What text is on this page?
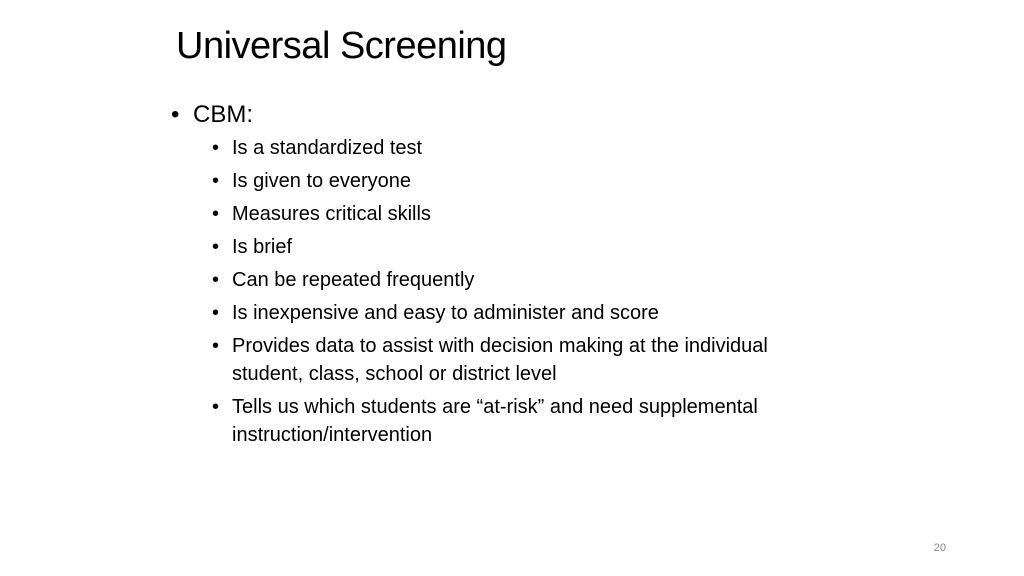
Universal Screening
• CBM:
• Is a standardized test
• Is given to everyone
• Measures critical skills
• Is brief
• Can be repeated frequently
• Is inexpensive and easy to administer and score
• Provides data to assist with decision making at the individual student, class, school or district level
• Tells us which students are “at-risk” and need supplemental instruction/intervention
20
